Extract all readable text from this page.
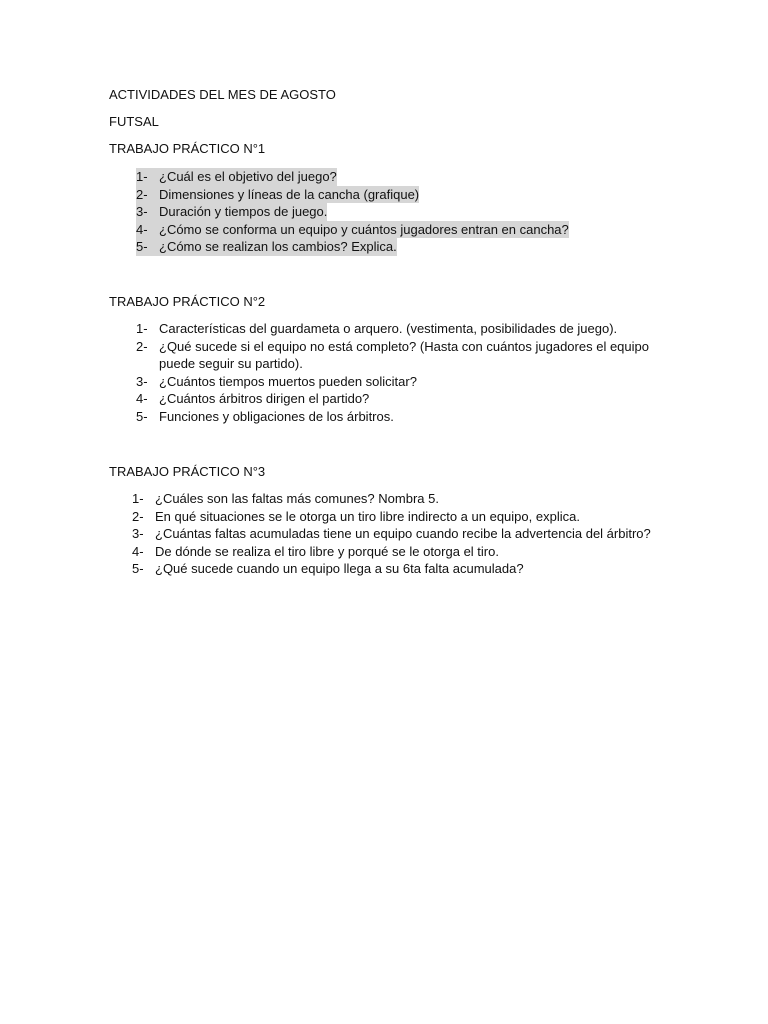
ACTIVIDADES DEL MES DE AGOSTO
FUTSAL
TRABAJO PRÁCTICO N°1
1- ¿Cuál es el objetivo del juego?
2- Dimensiones y líneas de la cancha (grafique)
3- Duración y tiempos de juego.
4- ¿Cómo se conforma un equipo y cuántos jugadores entran en cancha?
5- ¿Cómo se realizan los cambios? Explica.
TRABAJO PRÁCTICO N°2
1- Características del guardameta o arquero. (vestimenta, posibilidades de juego).
2- ¿Qué sucede si el equipo no está completo? (Hasta con cuántos jugadores el equipo puede seguir su partido).
3- ¿Cuántos tiempos muertos pueden solicitar?
4- ¿Cuántos árbitros dirigen el partido?
5- Funciones y obligaciones de los árbitros.
TRABAJO PRÁCTICO N°3
1- ¿Cuáles son las faltas más comunes? Nombra 5.
2- En qué situaciones se le otorga un tiro libre indirecto a un equipo, explica.
3- ¿Cuántas faltas acumuladas tiene un equipo cuando recibe la advertencia del árbitro?
4- De dónde se realiza el tiro libre y porqué se le otorga el tiro.
5- ¿Qué sucede cuando un equipo llega a su 6ta falta acumulada?
